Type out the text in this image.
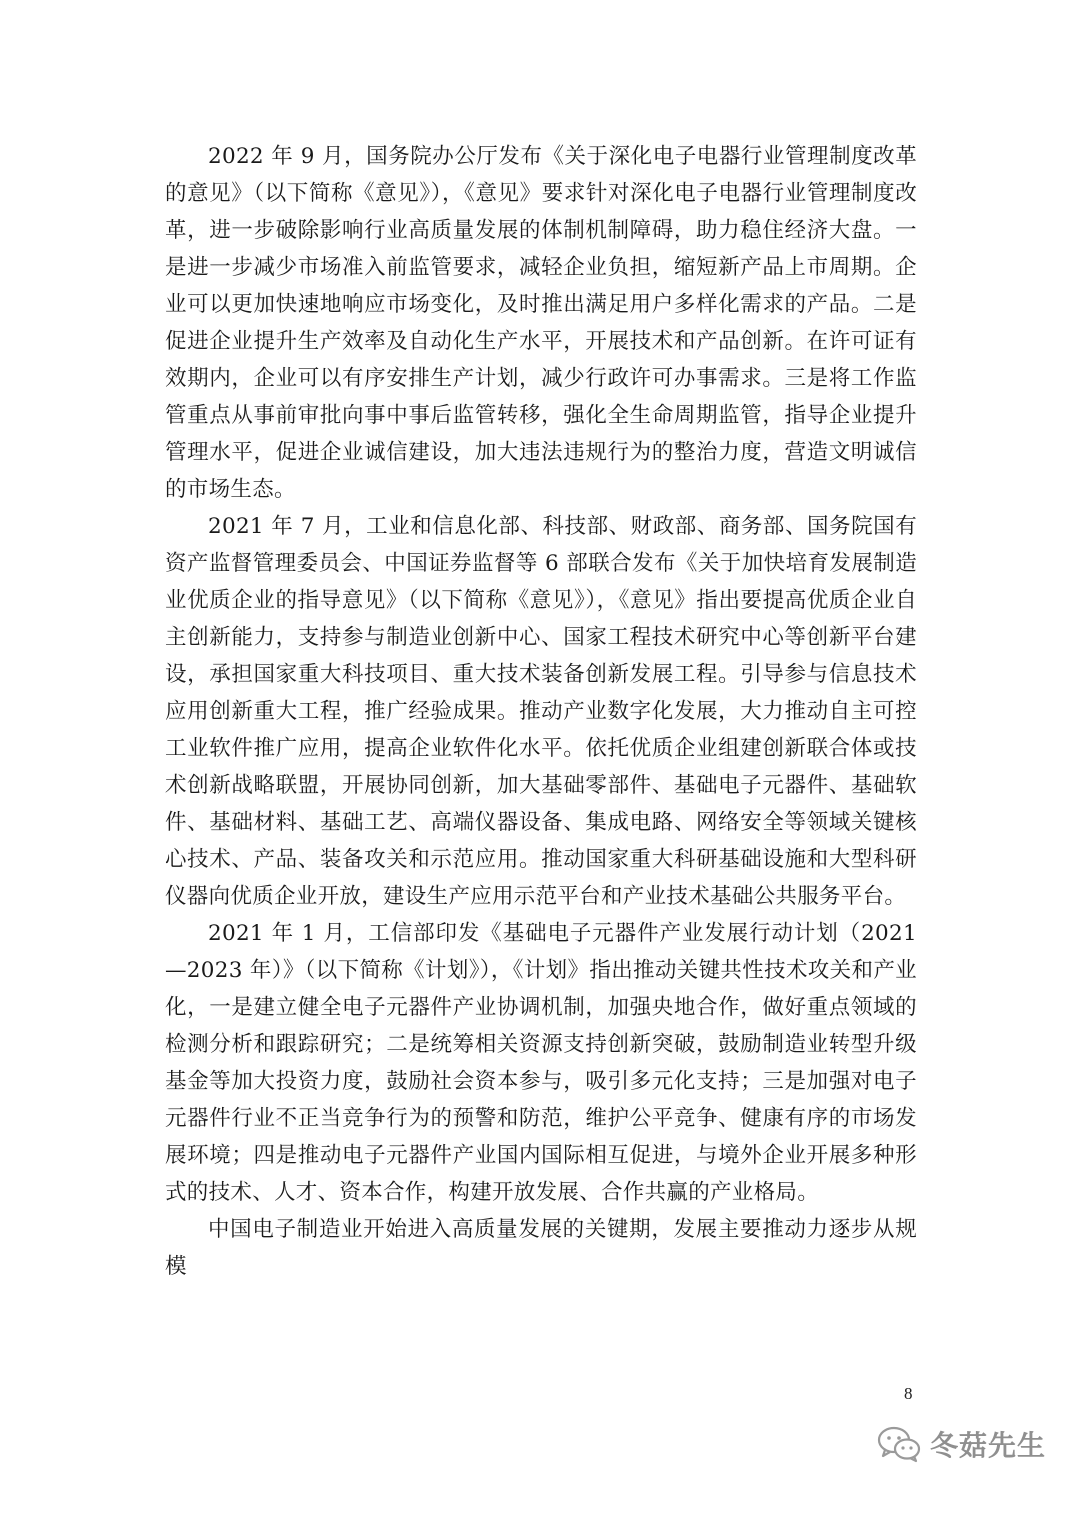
2022 年 9 月，国务院办公厅发布《关于深化电子电器行业管理制度改革的意见》（以下简称《意见》），《意见》要求针对深化电子电器行业管理制度改革，进一步破除影响行业高质量发展的体制机制障碍，助力稳住经济大盘。一是进一步减少市场准入前监管要求，减轻企业负担，缩短新产品上市周期。企业可以更加快速地响应市场变化，及时推出满足用户多样化需求的产品。二是促进企业提升生产效率及自动化生产水平，开展技术和产品创新。在许可证有效期内，企业可以有序安排生产计划，减少行政许可办事需求。三是将工作监管重点从事前审批向事中事后监管转移，强化全生命周期监管，指导企业提升管理水平，促进企业诚信建设，加大违法违规行为的整治力度，营造文明诚信的市场生态。

2021 年 7 月，工业和信息化部、科技部、财政部、商务部、国务院国有资产监督管理委员会、中国证券监督等 6 部联合发布《关于加快培育发展制造业优质企业的指导意见》（以下简称《意见》），《意见》指出要提高优质企业自主创新能力，支持参与制造业创新中心、国家工程技术研究中心等创新平台建设，承担国家重大科技项目、重大技术装备创新发展工程。引导参与信息技术应用创新重大工程，推广经验成果。推动产业数字化发展，大力推动自主可控工业软件推广应用，提高企业软件化水平。依托优质企业组建创新联合体或技术创新战略联盟，开展协同创新，加大基础零部件、基础电子元器件、基础软件、基础材料、基础工艺、高端仪器设备、集成电路、网络安全等领域关键核心技术、产品、装备攻关和示范应用。推动国家重大科研基础设施和大型科研仪器向优质企业开放，建设生产应用示范平台和产业技术基础公共服务平台。

2021 年 1 月，工信部印发《基础电子元器件产业发展行动计划（2021—2023 年）》（以下简称《计划》），《计划》指出推动关键共性技术攻关和产业化，一是建立健全电子元器件产业协调机制，加强央地合作，做好重点领域的检测分析和跟踪研究；二是统筹相关资源支持创新突破，鼓励制造业转型升级基金等加大投资力度，鼓励社会资本参与，吸引多元化支持；三是加强对电子元器件行业不正当竞争行为的预警和防范，维护公平竞争、健康有序的市场发展环境；四是推动电子元器件产业国内国际相互促进，与境外企业开展多种形式的技术、人才、资本合作，构建开放发展、合作共赢的产业格局。

中国电子制造业开始进入高质量发展的关键期，发展主要推动力逐步从规模

8
冬菇先生
